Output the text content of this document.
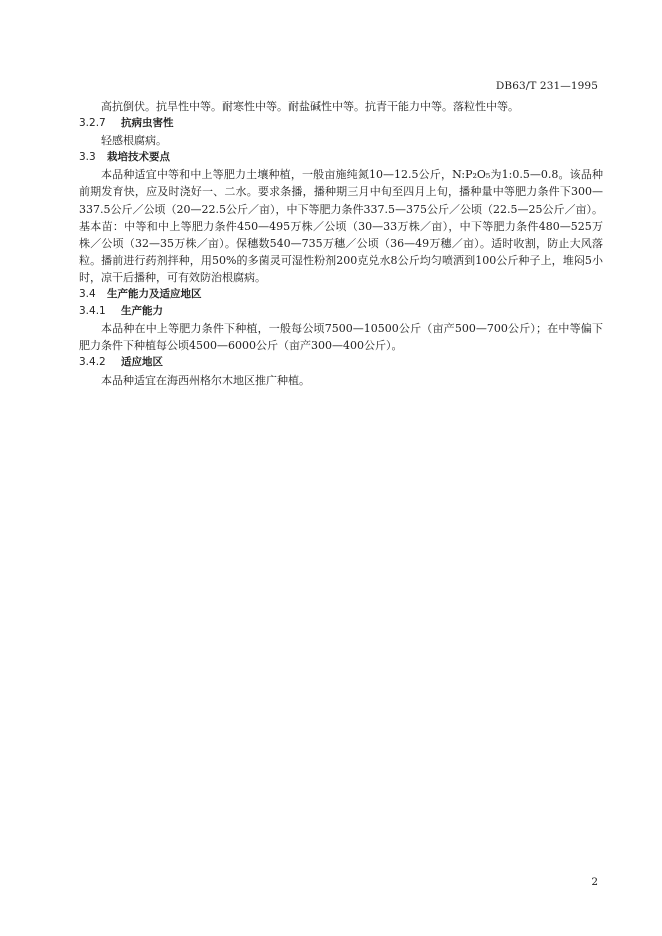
DB63/T 231—1995

高抗倒伏。抗旱性中等。耐寒性中等。耐盐碱性中等。抗青干能力中等。落粒性中等。

3.2.7	抗病虫害性

轻感根腐病。

3.3	栽培技术要点

本品种适宜中等和中上等肥力土壤种植，一般亩施纯氮10—12.5公斤，N:P₂O₅为1:0.5—0.8。该品种前期发育快，应及时浇好一、二水。要求条播，播种期三月中旬至四月上旬，播种量中等肥力条件下300—337.5公斤／公顷（20—22.5公斤／亩），中下等肥力条件337.5—375公斤／公顷（22.5—25公斤／亩）。基本苗：中等和中上等肥力条件450—495万株／公顷（30—33万株／亩），中下等肥力条件480—525万株／公顷（32—35万株／亩）。保穗数540—735万穗／公顷（36—49万穗／亩）。适时收割，防止大风落粒。播前进行药剂拌种，用50%的多菌灵可湿性粉剂200克兑水8公斤均匀喷洒到100公斤种子上，堆闷5小时，凉干后播种，可有效防治根腐病。

3.4	生产能力及适应地区

3.4.1	生产能力

本品种在中上等肥力条件下种植，一般每公顷7500—10500公斤（亩产500—700公斤）；在中等偏下肥力条件下种植每公顷4500—6000公斤（亩产300—400公斤）。

3.4.2	适应地区

本品种适宜在海西州格尔木地区推广种植。

2
